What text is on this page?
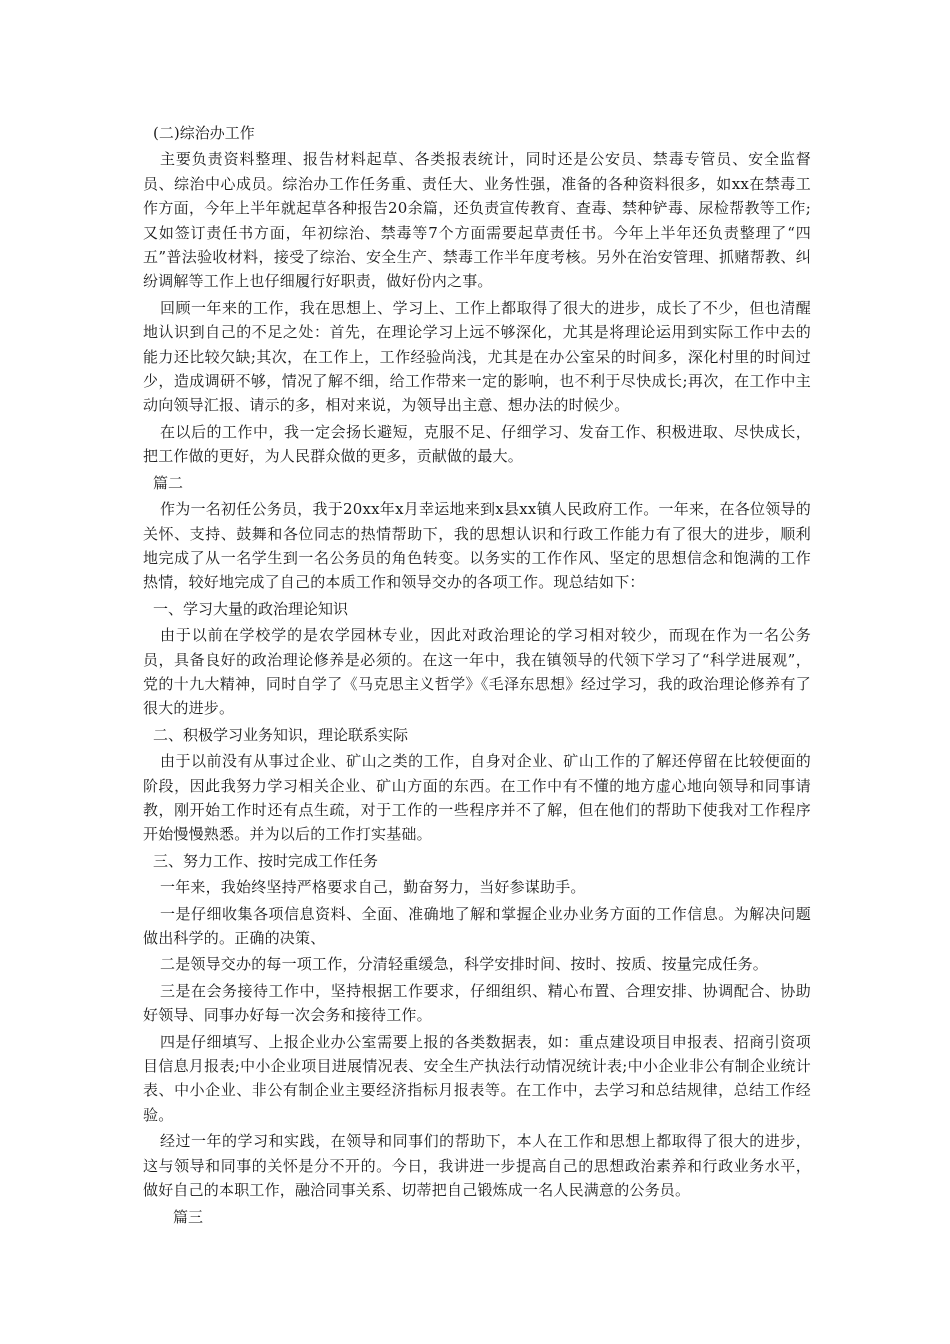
(二)综治办工作
主要负责资料整理、报告材料起草、各类报表统计，同时还是公安员、禁毒专管员、安全监督员、综治中心成员。综治办工作任务重、责任大、业务性强，准备的各种资料很多，如xx在禁毒工作方面，今年上半年就起草各种报告20余篇，还负责宣传教育、查毒、禁种铲毒、尿检帮教等工作;又如签订责任书方面，年初综治、禁毒等7个方面需要起草责任书。今年上半年还负责整理了“四五”普法验收材料，接受了综治、安全生产、禁毒工作半年度考核。另外在治安管理、抓赌帮教、纠纷调解等工作上也仔细履行好职责，做好份内之事。
回顾一年来的工作，我在思想上、学习上、工作上都取得了很大的进步，成长了不少，但也清醒地认识到自己的不足之处：首先，在理论学习上远不够深化，尤其是将理论运用到实际工作中去的能力还比较欠缺;其次，在工作上，工作经验尚浅，尤其是在办公室呆的时间多，深化村里的时间过少，造成调研不够，情况了解不细，给工作带来一定的影响，也不利于尽快成长;再次，在工作中主动向领导汇报、请示的多，相对来说，为领导出主意、想办法的时候少。
在以后的工作中，我一定会扬长避短，克服不足、仔细学习、发奋工作、积极进取、尽快成长，把工作做的更好，为人民群众做的更多，贡献做的最大。
篇二
作为一名初任公务员，我于20xx年x月幸运地来到x县xx镇人民政府工作。一年来，在各位领导的关怀、支持、鼓舞和各位同志的热情帮助下，我的思想认识和行政工作能力有了很大的进步，顺利地完成了从一名学生到一名公务员的角色转变。以务实的工作作风、坚定的思想信念和饱满的工作热情，较好地完成了自己的本质工作和领导交办的各项工作。现总结如下：
一、学习大量的政治理论知识
由于以前在学校学的是农学园林专业，因此对政治理论的学习相对较少，而现在作为一名公务员，具备良好的政治理论修养是必须的。在这一年中，我在镇领导的代领下学习了“科学进展观”，党的十九大精神，同时自学了《马克思主义哲学》《毛泽东思想》经过学习，我的政治理论修养有了很大的进步。
二、积极学习业务知识，理论联系实际
由于以前没有从事过企业、矿山之类的工作，自身对企业、矿山工作的了解还停留在比较便面的阶段，因此我努力学习相关企业、矿山方面的东西。在工作中有不懂的地方虚心地向领导和同事请教，刚开始工作时还有点生疏，对于工作的一些程序并不了解，但在他们的帮助下使我对工作程序开始慢慢熟悉。并为以后的工作打实基础。
三、努力工作、按时完成工作任务
一年来，我始终坚持严格要求自己，勤奋努力，当好参谋助手。
一是仔细收集各项信息资料、全面、准确地了解和掌握企业办业务方面的工作信息。为解决问题做出科学的。正确的决策、
二是领导交办的每一项工作，分清轻重缓急，科学安排时间、按时、按质、按量完成任务。
三是在会务接待工作中，坚持根据工作要求，仔细组织、精心布置、合理安排、协调配合、协助好领导、同事办好每一次会务和接待工作。
四是仔细填写、上报企业办公室需要上报的各类数据表，如：重点建设项目申报表、招商引资项目信息月报表;中小企业项目进展情况表、安全生产执法行动情况统计表;中小企业非公有制企业统计表、中小企业、非公有制企业主要经济指标月报表等。在工作中，去学习和总结规律，总结工作经验。
经过一年的学习和实践，在领导和同事们的帮助下，本人在工作和思想上都取得了很大的进步，这与领导和同事的关怀是分不开的。今日，我讲进一步提高自己的思想政治素养和行政业务水平，做好自己的本职工作，融洽同事关系、切蒂把自己锻炼成一名人民满意的公务员。
篇三
